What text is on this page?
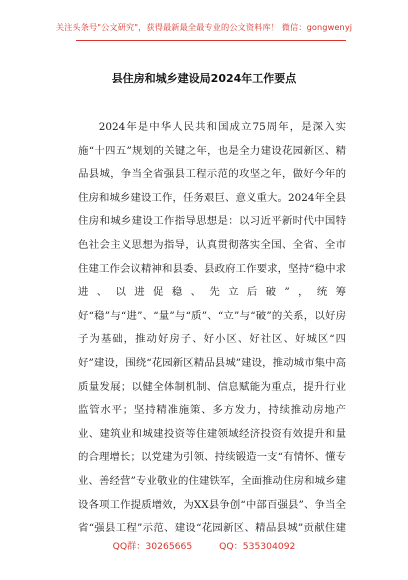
关注头条号"公文研究"，获得最新最全最专业的公文资料库！ 微信：gongwenyj
县住房和城乡建设局2024年工作要点

2024年是中华人民共和国成立75周年，是深入实施“十四五”规划的关键之年，也是全力建设花园新区、精品县城，争当全省强县工程示范的攻坚之年，做好今年的住房和城乡建设工作，任务艰巨、意义重大。2024年全县住房和城乡建设工作指导思想是：以习近平新时代中国特色社会主义思想为指导，认真贯彻落实全国、全省、全市住建工作会议精神和县委、县政府工作要求，坚持“稳中求进、以进促稳、先立后破”，统筹好“稳”与“进”、“量”与“质”、“立”与“破”的关系，以好房子为基础，推动好房子、好小区、好社区、好城区“四好”建设，围绕“花园新区精品县城”建设，推动城市集中高质量发展；以健全体制机制、信息赋能为重点，提升行业监管水平；坚持精准施策、多方发力，持续推动房地产业、建筑业和城建投资等住建领域经济投资有效提升和量的合理增长；以党建为引领、持续锻造一支“有情怀、懂专业、善经营”专业敬业的住建铁军，全面推动住房和城乡建设各项工作提质增效，为XX县争创“中部百强县”、争当全省“强县工程”示范、建设“花园新区、精品县城”贡献住建

QQ群：30265665	QQ：535304092
